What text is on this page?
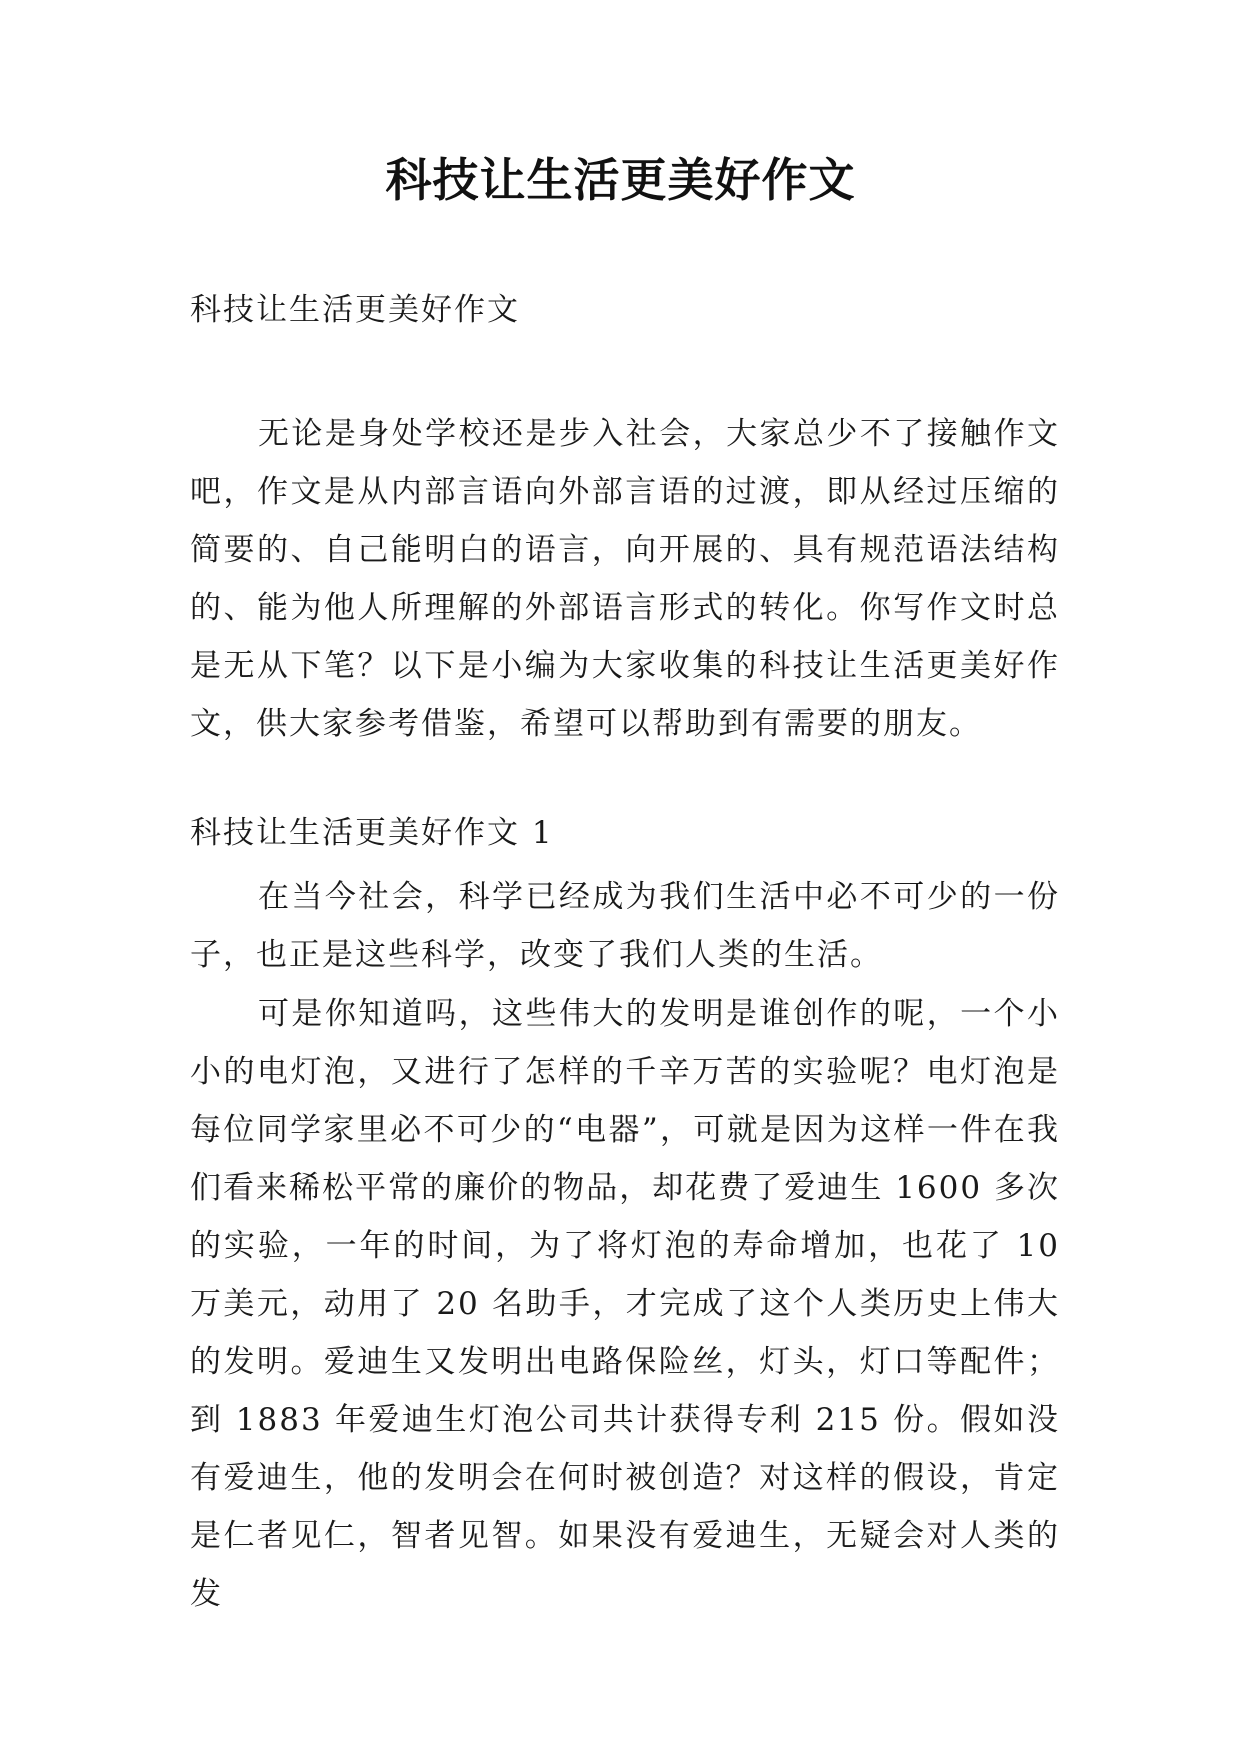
科技让生活更美好作文
科技让生活更美好作文

无论是身处学校还是步入社会，大家总少不了接触作文吧，作文是从内部言语向外部言语的过渡，即从经过压缩的简要的、自己能明白的语言，向开展的、具有规范语法结构的、能为他人所理解的外部语言形式的转化。你写作文时总是无从下笔？以下是小编为大家收集的科技让生活更美好作文，供大家参考借鉴，希望可以帮助到有需要的朋友。

科技让生活更美好作文 1

在当今社会，科学已经成为我们生活中必不可少的一份子，也正是这些科学，改变了我们人类的生活。

可是你知道吗，这些伟大的发明是谁创作的呢，一个小小的电灯泡，又进行了怎样的千辛万苦的实验呢？电灯泡是每位同学家里必不可少的“电器”，可就是因为这样一件在我们看来稀松平常的廉价的物品，却花费了爱迪生 1600 多次的实验，一年的时间，为了将灯泡的寿命增加，也花了 10 万美元，动用了 20 名助手，才完成了这个人类历史上伟大的发明。爱迪生又发明出电路保险丝，灯头，灯口等配件；到 1883 年爱迪生灯泡公司共计获得专利 215 份。假如没有爱迪生，他的发明会在何时被创造？对这样的假设，肯定是仁者见仁，智者见智。如果没有爱迪生，无疑会对人类的发
